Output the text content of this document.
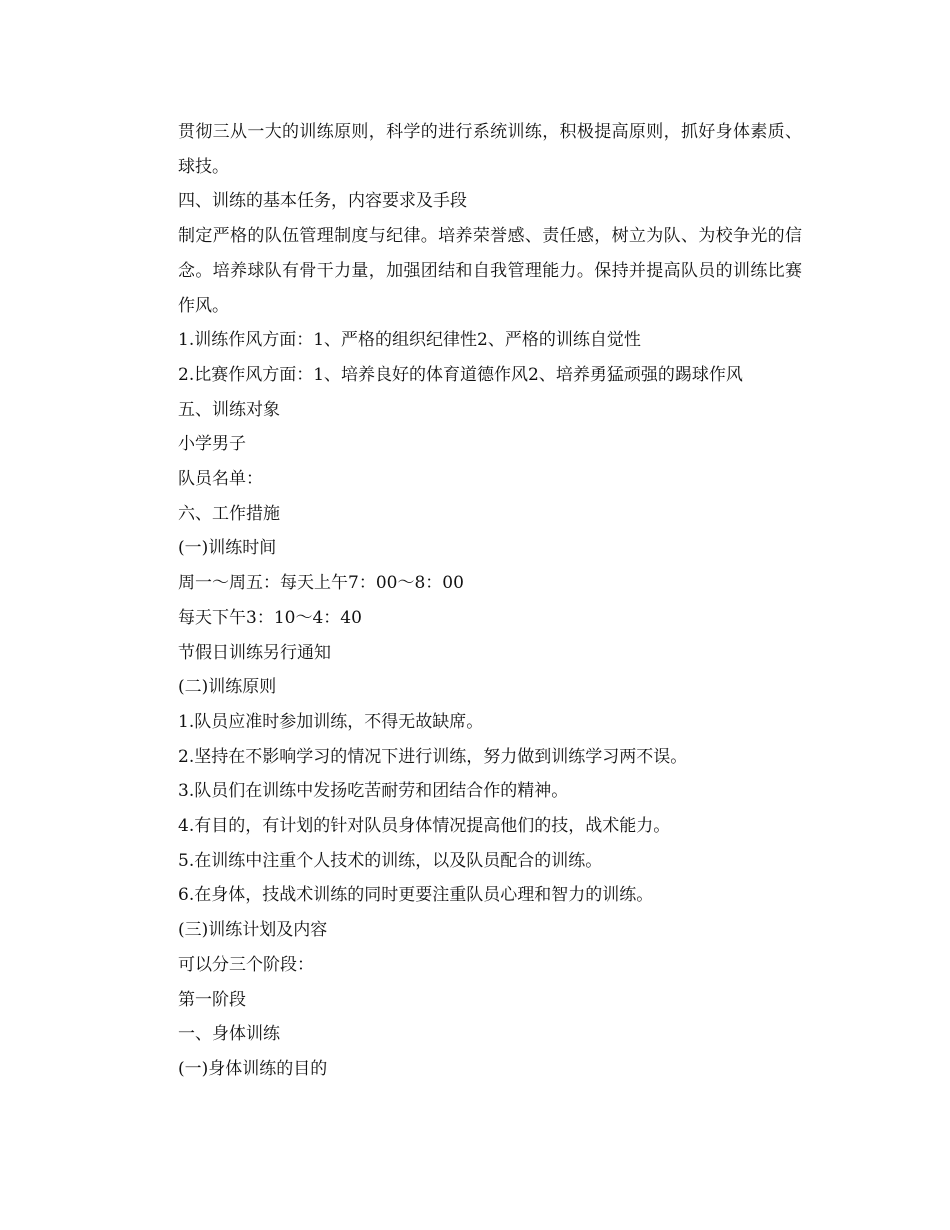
贯彻三从一大的训练原则，科学的进行系统训练，积极提高原则，抓好身体素质、球技。
四、训练的基本任务，内容要求及手段
制定严格的队伍管理制度与纪律。培养荣誉感、责任感，树立为队、为校争光的信念。培养球队有骨干力量，加强团结和自我管理能力。保持并提高队员的训练比赛作风。
1.训练作风方面：1、严格的组织纪律性2、严格的训练自觉性
2.比赛作风方面：1、培养良好的体育道德作风2、培养勇猛顽强的踢球作风
五、训练对象
小学男子
队员名单：
六、工作措施
(一)训练时间
周一～周五：每天上午7：00～8：00
每天下午3：10～4：40
节假日训练另行通知
(二)训练原则
1.队员应准时参加训练，不得无故缺席。
2.坚持在不影响学习的情况下进行训练，努力做到训练学习两不误。
3.队员们在训练中发扬吃苦耐劳和团结合作的精神。
4.有目的，有计划的针对队员身体情况提高他们的技，战术能力。
5.在训练中注重个人技术的训练，以及队员配合的训练。
6.在身体，技战术训练的同时更要注重队员心理和智力的训练。
(三)训练计划及内容
可以分三个阶段：
第一阶段
一、身体训练
(一)身体训练的目的
